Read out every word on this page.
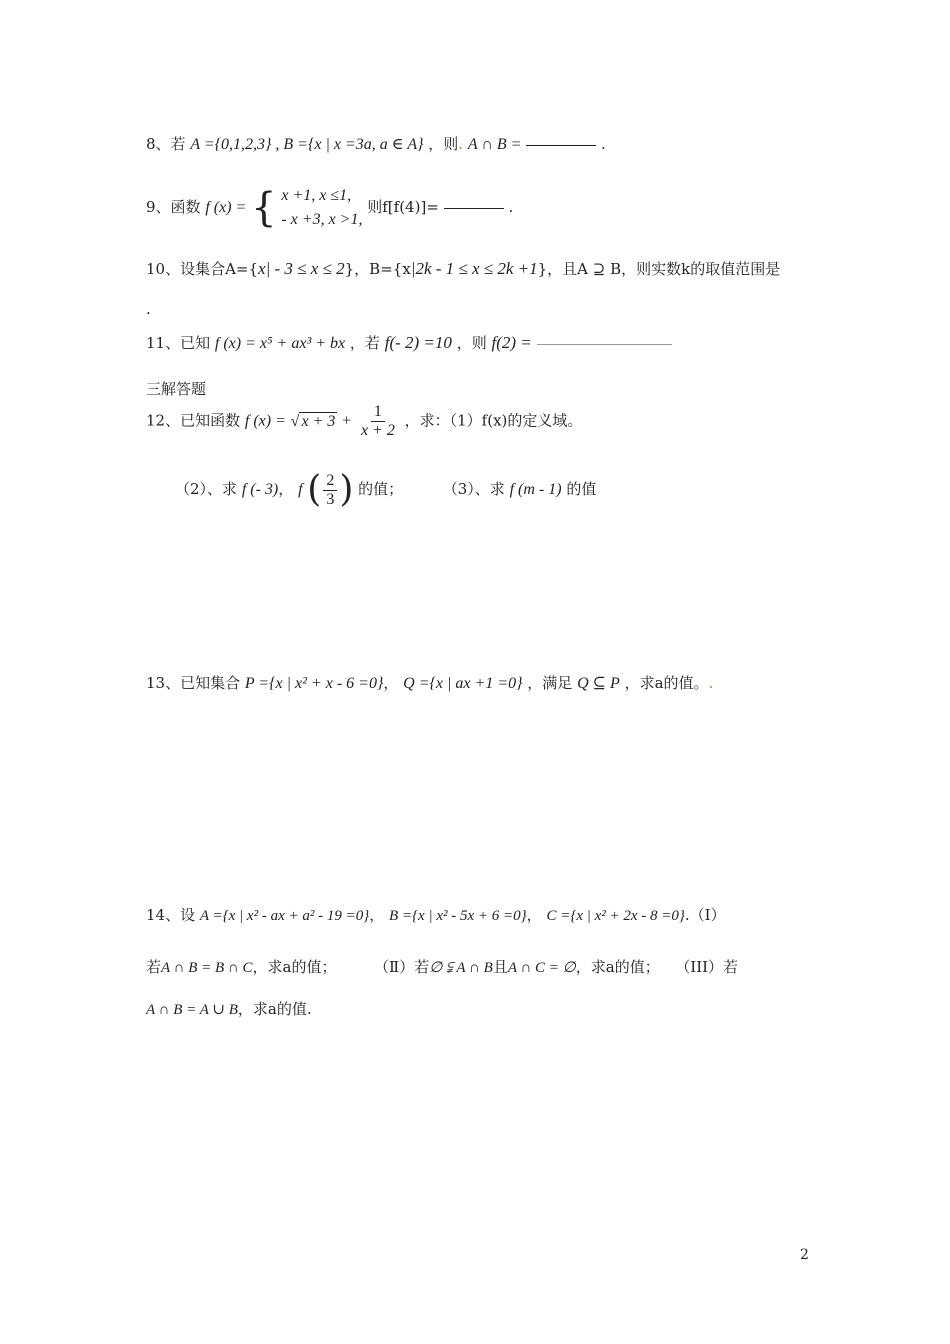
8、若 A ={0,1,2,3} , B ={x | x =3a, a ∈ A} ，则. A ∩ B =	.
9、函数 f (x) = { x +1, x ≤1,
- x +3, x >1,
则f[f(4)]=	.
10、设集合A={x| - 3 ≤ x ≤ 2}，B={x|2k - 1 ≤ x ≤ 2k +1}，且A ⊇ B，则实数k的取值范围是
.
11、已知 f (x) = x⁵ + ax³ + bx ，若 f(- 2) =10 ，则 f(2) =
三解答题
12、已知函数 f (x) = √ $x + 3 + \frac{1}{x + 2}$ ，求：（1）f(x)的定义域。
（2）、求 f (- 3)， f ( $\frac{2}{3}$ ) 的值；	（3）、求 f (m - 1) 的值
13、已知集合 P ={x | x² + x - 6 =0}， Q ={x | ax +1 =0} ，满足 Q ⊆ P ，求a的值。.
14、设 A ={x | x² - ax + a² - 19 =0}， B ={x | x² - 5x + 6 =0}， C ={x | x² + 2x - 8 =0}.（Ⅰ）
若A ∩ B = B ∩ C，求a的值；	（Ⅱ）若∅ ⫋ A ∩ B且A ∩ C = ∅，求a的值； （III）若
A ∩ B = A ∪ B，求a的值.
2
